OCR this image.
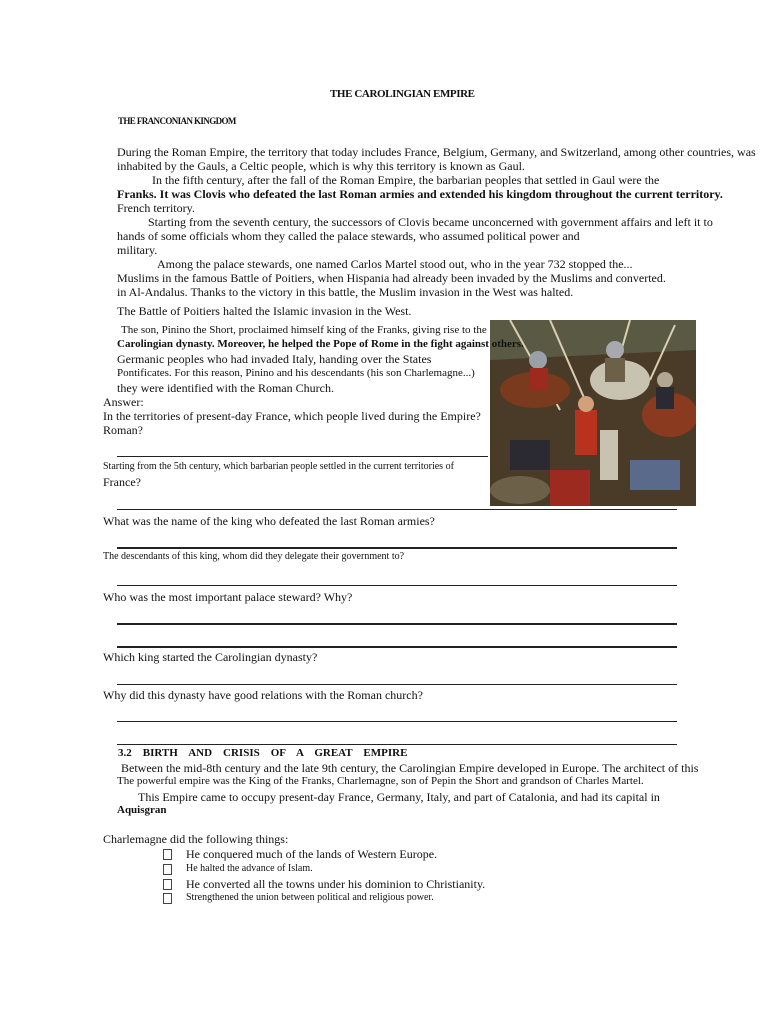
THE CAROLINGIAN EMPIRE
THE FRANCONIAN KINGDOM
During the Roman Empire, the territory that today includes France, Belgium, Germany, and Switzerland, among other countries, was
inhabited by the Gauls, a Celtic people, which is why this territory is known as Gaul.
In the fifth century, after the fall of the Roman Empire, the barbarian peoples that settled in Gaul were the
Franks. It was Clovis who defeated the last Roman armies and extended his kingdom throughout the current territory.
French territory.
Starting from the seventh century, the successors of Clovis became unconcerned with government affairs and left it to
hands of some officials whom they called the palace stewards, who assumed political power and
military.
Among the palace stewards, one named Carlos Martel stood out, who in the year 732 stopped the...
Muslims in the famous Battle of Poitiers, when Hispania had already been invaded by the Muslims and converted.
in Al-Andalus. Thanks to the victory in this battle, the Muslim invasion in the West was halted.
The Battle of Poitiers halted the Islamic invasion in the West.
The son, Pinino the Short, proclaimed himself king of the Franks, giving rise to the
Carolingian dynasty. Moreover, he helped the Pope of Rome in the fight against others.
Germanic peoples who had invaded Italy, handing over the States
Pontificates. For this reason, Pinino and his descendants (his son Charlemagne...)
they were identified with the Roman Church.
Answer:
In the territories of present-day France, which people lived during the Empire?
Roman?
Starting from the 5th century, which barbarian people settled in the current territories of
France?
What was the name of the king who defeated the last Roman armies?
The descendants of this king, whom did they delegate their government to?
Who was the most important palace steward? Why?
Which king started the Carolingian dynasty?
Why did this dynasty have good relations with the Roman church?
3.2    BIRTH    AND    CRISIS    OF    A    GREAT    EMPIRE
Between the mid-8th century and the late 9th century, the Carolingian Empire developed in Europe. The architect of this
The powerful empire was the King of the Franks, Charlemagne, son of Pepin the Short and grandson of Charles Martel.
This Empire came to occupy present-day France, Germany, Italy, and part of Catalonia, and had its capital in
Aquisgran
Charlemagne did the following things:
He conquered much of the lands of Western Europe.
He halted the advance of Islam.
He converted all the towns under his dominion to Christianity.
Strengthened the union between political and religious power.
